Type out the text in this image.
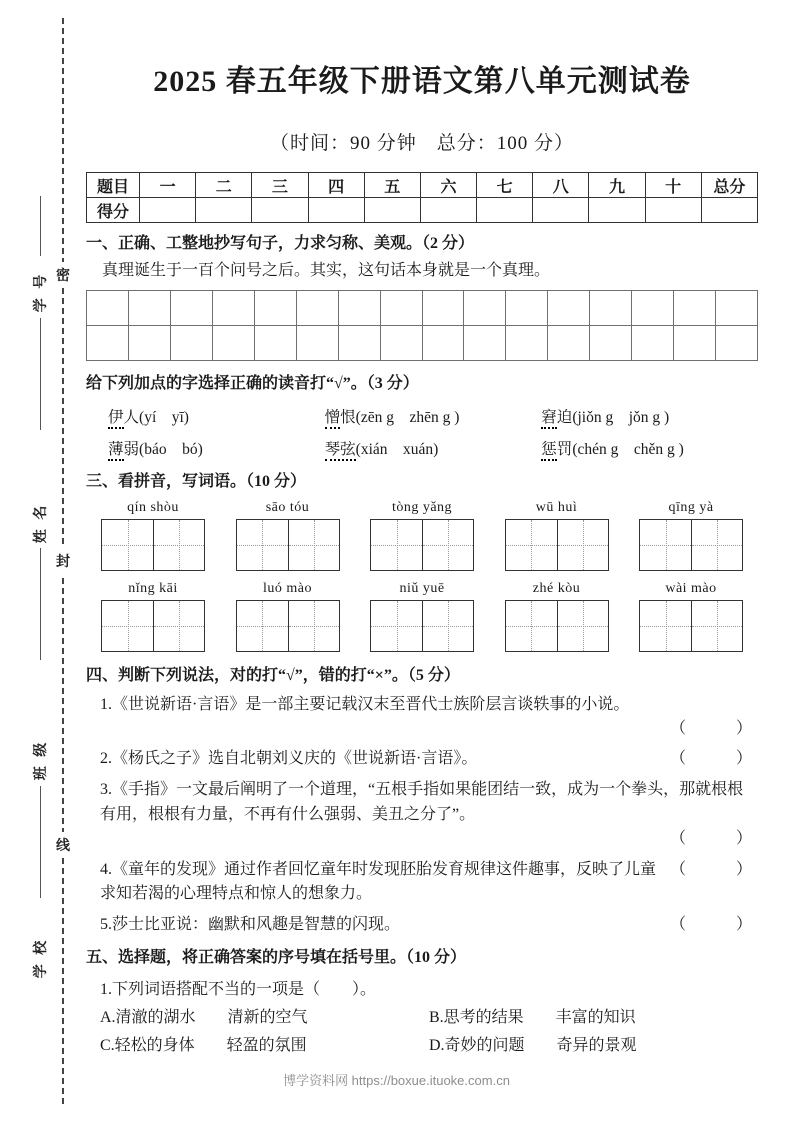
学 号
姓 名
班 级
学 校
密
封
线
2025 春五年级下册语文第八单元测试卷
（时间：90 分钟　总分：100 分）
题目	一	二	三	四	五	六	七	八	九	十	总分
得分											
一、正确、工整地抄写句子，力求匀称、美观。（2 分）
真理诞生于一百个问号之后。其实，这句话本身就是一个真理。

给下列加点的字选择正确的读音打“√”。（3 分）
伊人(yí　yī)	憎恨(zēn g　zhēn g )	窘迫(jiǒn g　jǒn g )
薄弱(báo　bó)	琴弦(xián　xuán)	惩罚(chén g　chěn g )
三、看拼音，写词语。（10 分）
qín shòu	sāo tóu	tòng yǎng	wū huì	qīng yà
nǐng kāi	luó mào	niǔ yuē	zhé kòu	wài mào
四、判断下列说法，对的打“√”，错的打“×”。（5 分）
1.《世说新语·言语》是一部主要记载汉末至晋代士族阶层言谈轶事的小说。
（　　）
（　　）
2.《杨氏之子》选自北朝刘义庆的《世说新语·言语》。
3.《手指》一文最后阐明了一个道理，“五根手指如果能团结一致，成为一个拳头，那就根根有用，根根有力量，不再有什么强弱、美丑之分了”。
（　　）
（　　）
4.《童年的发现》通过作者回忆童年时发现胚胎发育规律这件趣事，反映了儿童求知若渴的心理特点和惊人的想象力。
（　　）
5.莎士比亚说：幽默和风趣是智慧的闪现。
五、选择题，将正确答案的序号填在括号里。（10 分）
1.下列词语搭配不当的一项是（　　）。
A.清澈的湖水　　清新的空气	B.思考的结果　　丰富的知识
C.轻松的身体　　轻盈的氛围	D.奇妙的问题　　奇异的景观
博学资料网 https://boxue.ituoke.com.cn
